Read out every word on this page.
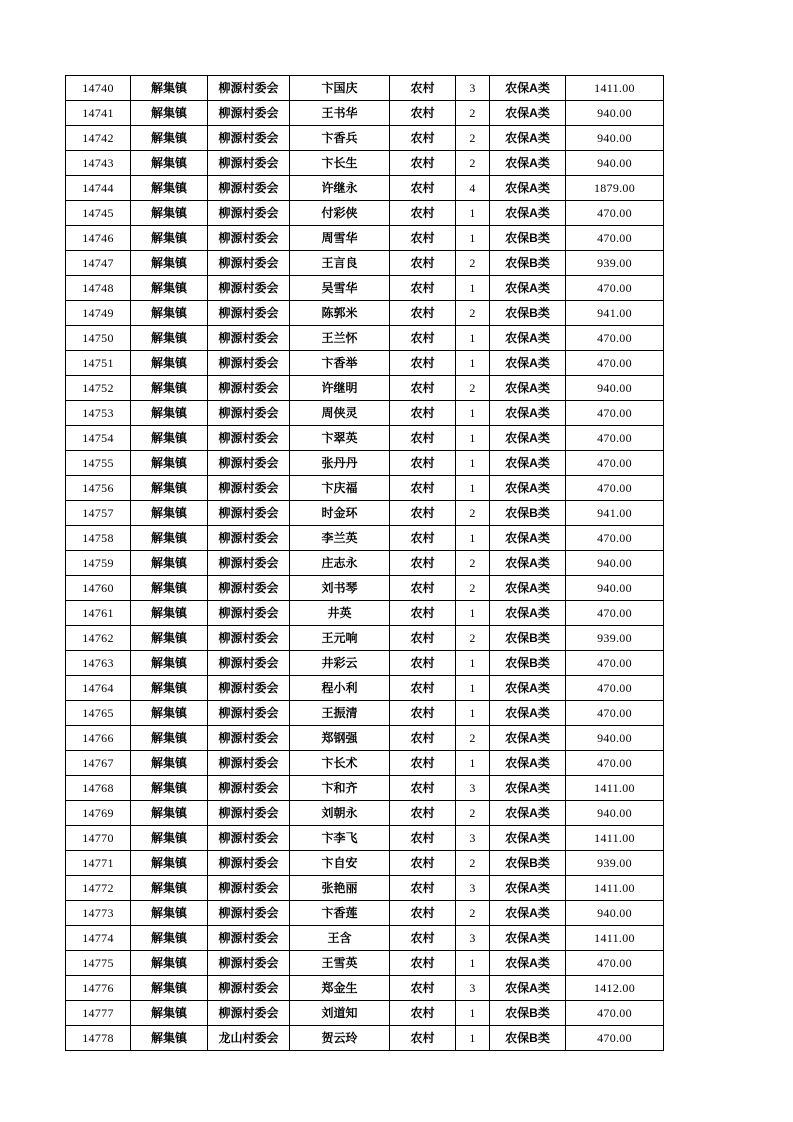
14740	解集镇	柳源村委会	卞国庆	农村	3	农保A类	1411.00
14741	解集镇	柳源村委会	王书华	农村	2	农保A类	940.00
14742	解集镇	柳源村委会	卞香兵	农村	2	农保A类	940.00
14743	解集镇	柳源村委会	卞长生	农村	2	农保A类	940.00
14744	解集镇	柳源村委会	许继永	农村	4	农保A类	1879.00
14745	解集镇	柳源村委会	付彩侠	农村	1	农保A类	470.00
14746	解集镇	柳源村委会	周雪华	农村	1	农保B类	470.00
14747	解集镇	柳源村委会	王言良	农村	2	农保B类	939.00
14748	解集镇	柳源村委会	吴雪华	农村	1	农保A类	470.00
14749	解集镇	柳源村委会	陈郭米	农村	2	农保B类	941.00
14750	解集镇	柳源村委会	王兰怀	农村	1	农保A类	470.00
14751	解集镇	柳源村委会	卞香举	农村	1	农保A类	470.00
14752	解集镇	柳源村委会	许继明	农村	2	农保A类	940.00
14753	解集镇	柳源村委会	周侠灵	农村	1	农保A类	470.00
14754	解集镇	柳源村委会	卞翠英	农村	1	农保A类	470.00
14755	解集镇	柳源村委会	张丹丹	农村	1	农保A类	470.00
14756	解集镇	柳源村委会	卞庆福	农村	1	农保A类	470.00
14757	解集镇	柳源村委会	时金环	农村	2	农保B类	941.00
14758	解集镇	柳源村委会	李兰英	农村	1	农保A类	470.00
14759	解集镇	柳源村委会	庄志永	农村	2	农保A类	940.00
14760	解集镇	柳源村委会	刘书琴	农村	2	农保A类	940.00
14761	解集镇	柳源村委会	井英	农村	1	农保A类	470.00
14762	解集镇	柳源村委会	王元响	农村	2	农保B类	939.00
14763	解集镇	柳源村委会	井彩云	农村	1	农保B类	470.00
14764	解集镇	柳源村委会	程小利	农村	1	农保A类	470.00
14765	解集镇	柳源村委会	王振清	农村	1	农保A类	470.00
14766	解集镇	柳源村委会	郑钢强	农村	2	农保A类	940.00
14767	解集镇	柳源村委会	卞长术	农村	1	农保A类	470.00
14768	解集镇	柳源村委会	卞和齐	农村	3	农保A类	1411.00
14769	解集镇	柳源村委会	刘朝永	农村	2	农保A类	940.00
14770	解集镇	柳源村委会	卞李飞	农村	3	农保A类	1411.00
14771	解集镇	柳源村委会	卞自安	农村	2	农保B类	939.00
14772	解集镇	柳源村委会	张艳丽	农村	3	农保A类	1411.00
14773	解集镇	柳源村委会	卞香莲	农村	2	农保A类	940.00
14774	解集镇	柳源村委会	王含	农村	3	农保A类	1411.00
14775	解集镇	柳源村委会	王雪英	农村	1	农保A类	470.00
14776	解集镇	柳源村委会	郑金生	农村	3	农保A类	1412.00
14777	解集镇	柳源村委会	刘道知	农村	1	农保B类	470.00
14778	解集镇	龙山村委会	贺云玲	农村	1	农保B类	470.00
